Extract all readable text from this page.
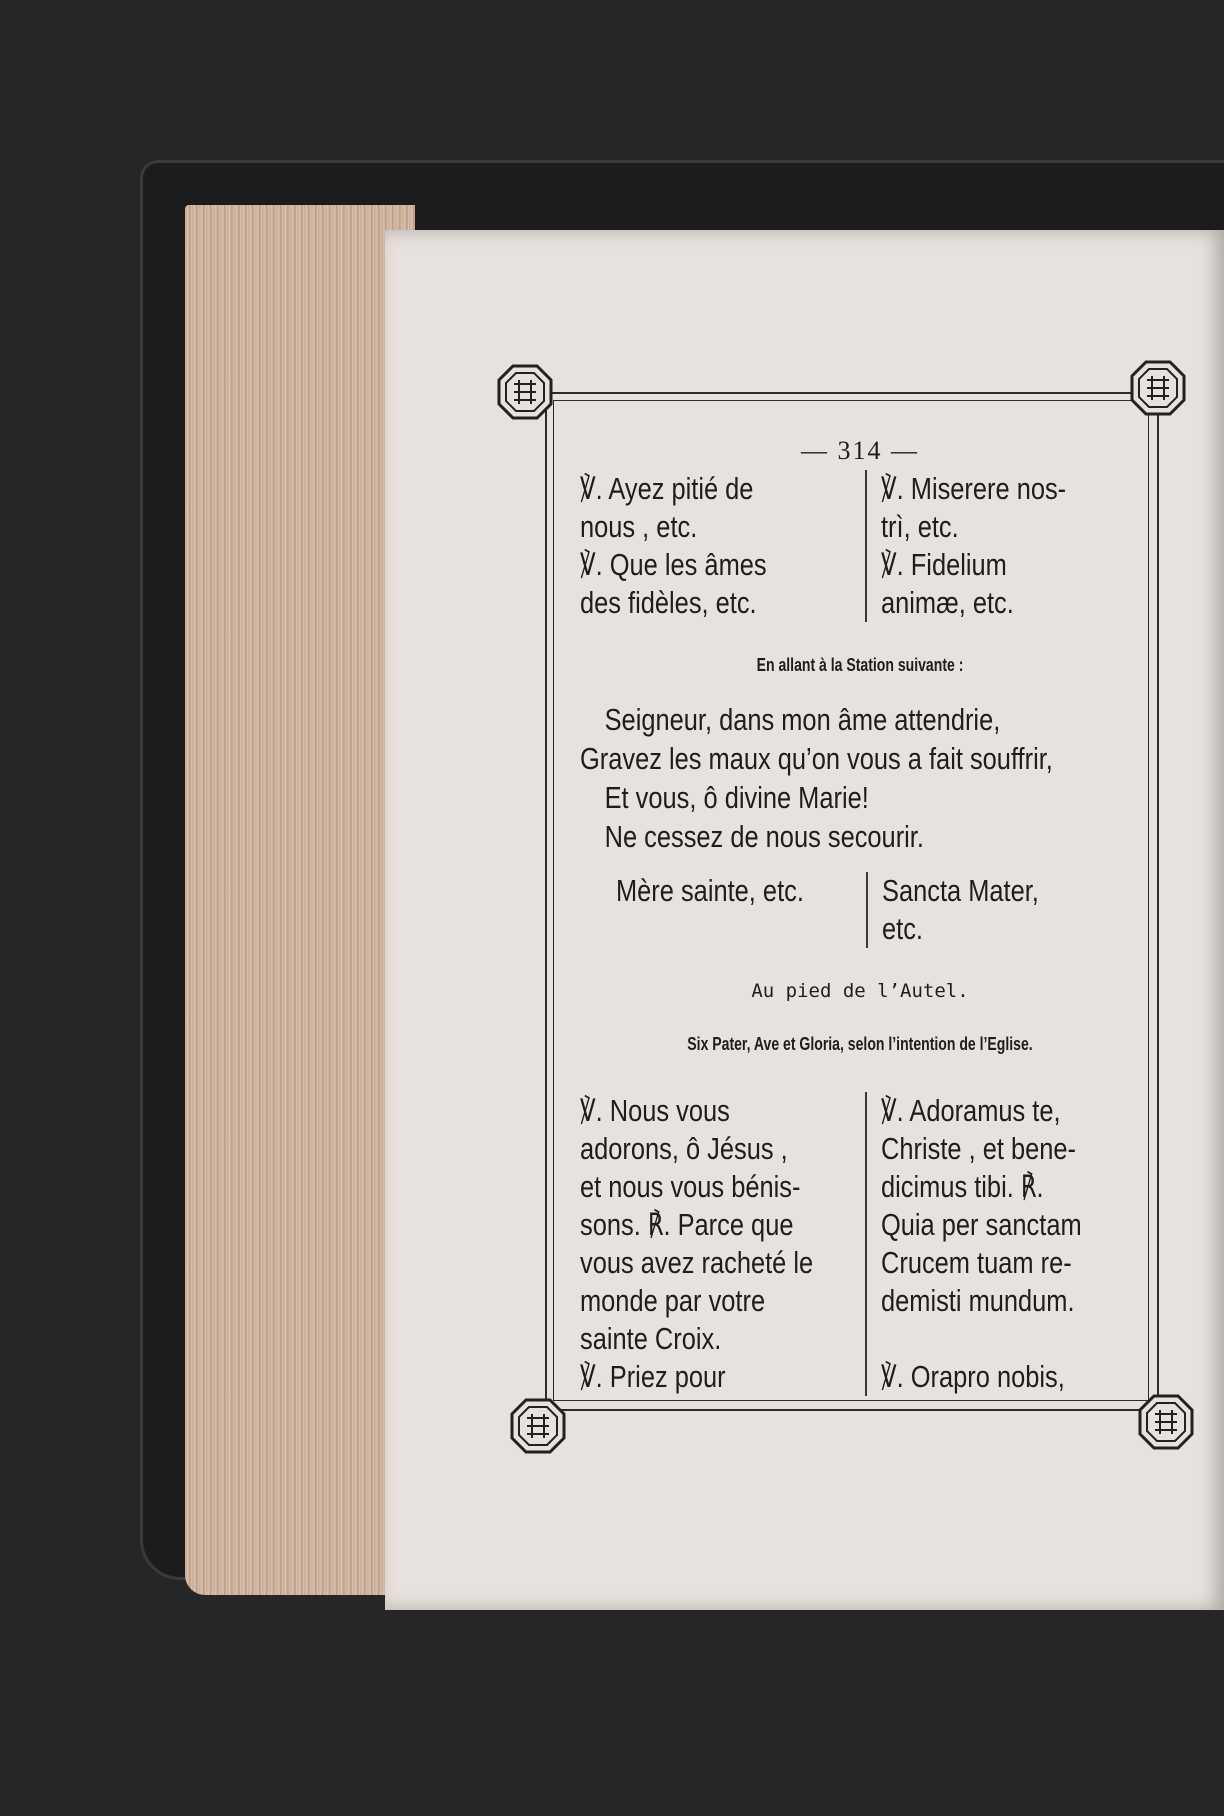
— 314 —
℣. Ayez pitié de
nous , etc.
℣. Que les âmes
des fidèles, etc.
℣. Miserere nos-
trì, etc.
℣. Fidelium
animæ, etc.
En allant à la Station suivante :
Seigneur, dans mon âme attendrie,
Gravez les maux qu’on vous a fait souffrir,
Et vous, ô divine Marie!
Ne cessez de nous secourir.
Mère sainte, etc.	Sancta Mater,
etc.
Au pied de l’Autel.
Six Pater, Ave et Gloria, selon l’intention de l’Eglise.
℣. Nous vous
adorons, ô Jésus ,
et nous vous bénis-
sons. ℟. Parce que
vous avez racheté le
monde par votre
sainte Croix.
℣. Priez pour
℣. Adoramus te,
Christe , et bene-
dicimus tibi. ℟.
Quia per sanctam
Crucem tuam re-
demisti mundum.
℣. Orapro nobis,
